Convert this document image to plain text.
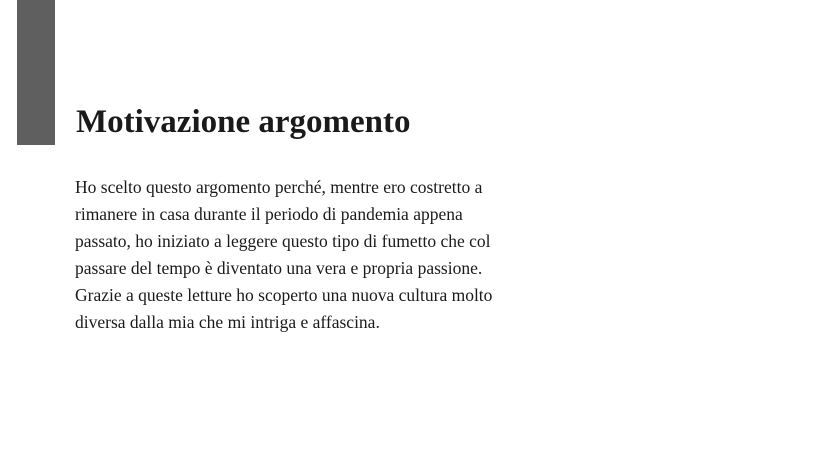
Motivazione argomento

Ho scelto questo argomento perché, mentre ero costretto a
rimanere in casa durante il periodo di pandemia appena
passato, ho iniziato a leggere questo tipo di fumetto che col
passare del tempo è diventato una vera e propria passione.
Grazie a queste letture ho scoperto una nuova cultura molto
diversa dalla mia che mi intriga e affascina.
